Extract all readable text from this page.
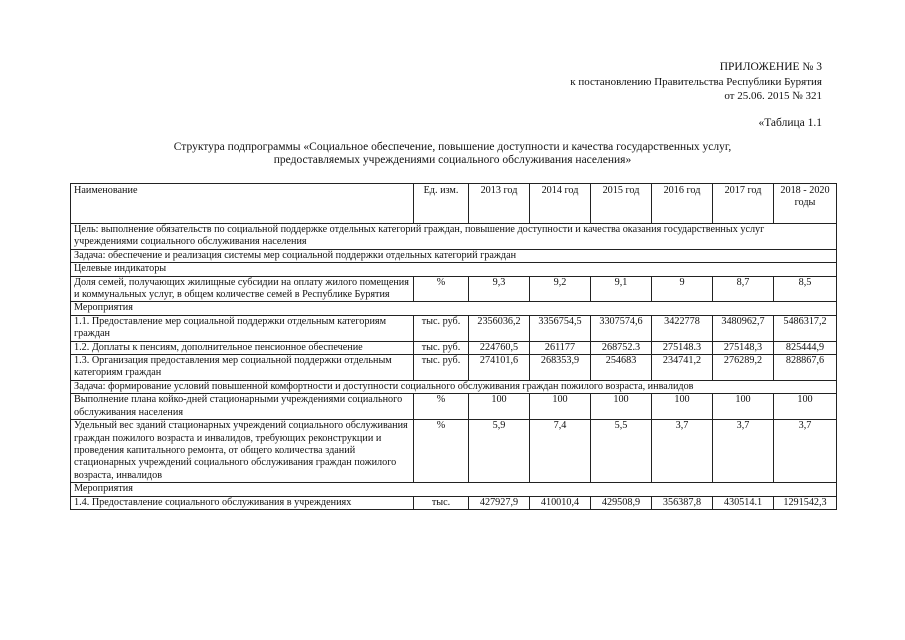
ПРИЛОЖЕНИЕ № 3
к постановлению Правительства Республики Бурятия
от 25.06. 2015 № 321
«Таблица 1.1
Структура подпрограммы «Социальное обеспечение, повышение доступности и качества государственных услуг,
предоставляемых учреждениями социального обслуживания населения»
Наименование	Ед. изм.	2013 год	2014 год	2015 год	2016 год	2017 год	2018 - 2020 годы
Цель: выполнение обязательств по социальной поддержке отдельных категорий граждан, повышение доступности и качества оказания государственных услуг учреждениями социального обслуживания населения							
Задача: обеспечение и реализация системы мер социальной поддержки отдельных категорий граждан							
Целевые индикаторы							
Доля семей, получающих жилищные субсидии на оплату жилого помещения и коммунальных услуг, в общем количестве семей в Республике Бурятия	%	9,3	9,2	9,1	9	8,7	8,5
Мероприятия							
1.1. Предоставление мер социальной поддержки отдельным категориям граждан	тыс. руб.	2356036,2	3356754,5	3307574,6	3422778	3480962,7	5486317,2
1.2. Доплаты к пенсиям, дополнительное пенсионное обеспечение	тыс. руб.	224760,5	261177	268752.3	275148.3	275148,3	825444,9
1.3. Организация предоставления мер социальной поддержки отдельным категориям граждан	тыс. руб.	274101,6	268353,9	254683	234741,2	276289,2	828867,6
Задача: формирование условий повышенной комфортности и доступности социального обслуживания граждан пожилого возраста, инвалидов							
Выполнение плана койко-дней стационарными учреждениями социального обслуживания населения	%	100	100	100	100	100	100
Удельный вес зданий стационарных учреждений социального обслуживания граждан пожилого возраста и инвалидов, требующих реконструкции и проведения капитального ремонта, от общего количества зданий стационарных учреждений социального обслуживания граждан пожилого возраста, инвалидов	%	5,9	7,4	5,5	3,7	3,7	3,7
Мероприятия							
1.4. Предоставление социального обслуживания в учреждениях	тыс.	427927,9	410010,4	429508,9	356387,8	430514.1	1291542,3
